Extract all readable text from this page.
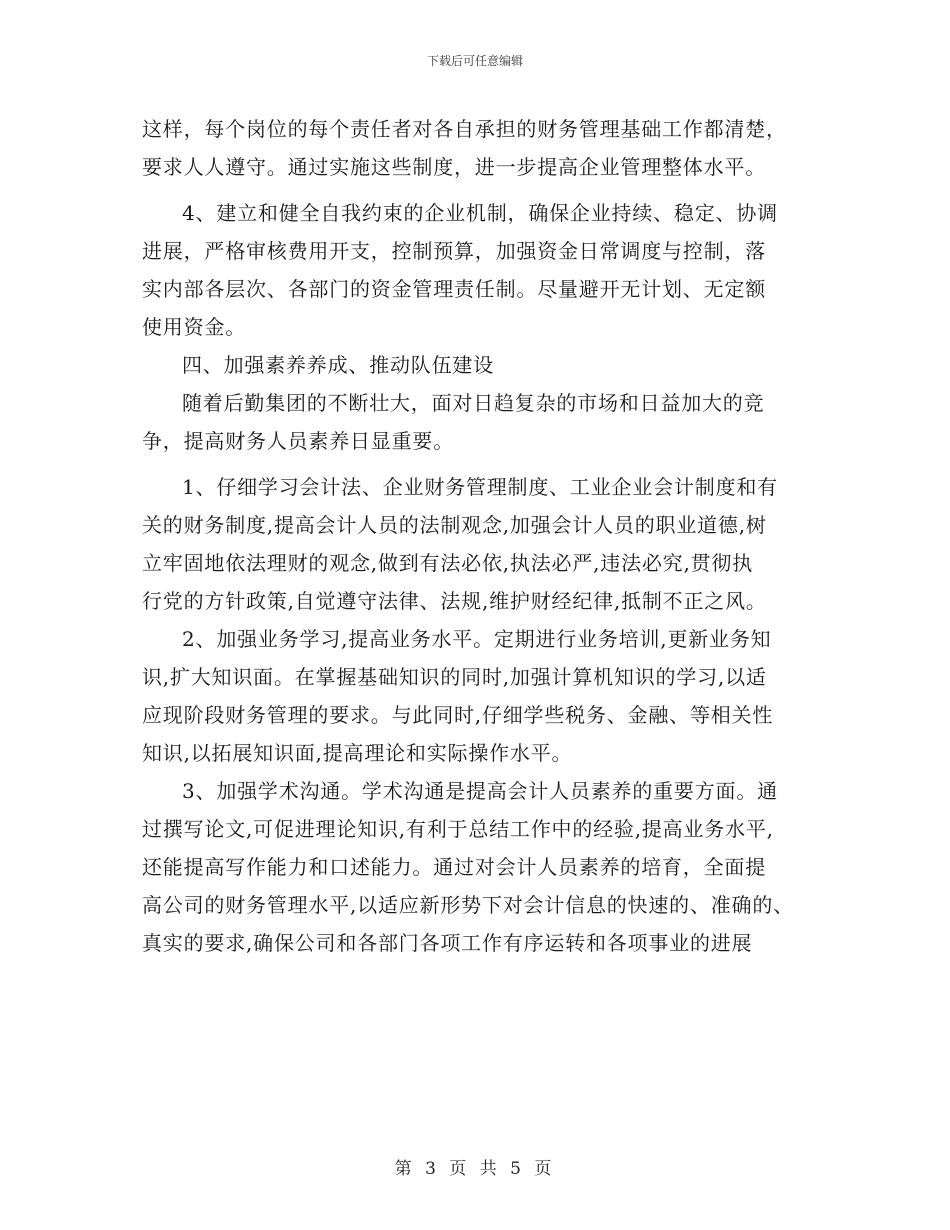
下载后可任意编辑
这样，每个岗位的每个责任者对各自承担的财务管理基础工作都清楚，
要求人人遵守。通过实施这些制度，进一步提高企业管理整体水平。
4、建立和健全自我约束的企业机制，确保企业持续、稳定、协调
进展，严格审核费用开支，控制预算，加强资金日常调度与控制，落
实内部各层次、各部门的资金管理责任制。尽量避开无计划、无定额
使用资金。
四、加强素养养成、推动队伍建设
随着后勤集团的不断壮大，面对日趋复杂的市场和日益加大的竞
争，提高财务人员素养日显重要。
1、仔细学习会计法、企业财务管理制度、工业企业会计制度和有
关的财务制度,提高会计人员的法制观念,加强会计人员的职业道德,树
立牢固地依法理财的观念,做到有法必依,执法必严,违法必究,贯彻执
行党的方针政策,自觉遵守法律、法规,维护财经纪律,抵制不正之风。
2、加强业务学习,提高业务水平。定期进行业务培训,更新业务知
识,扩大知识面。在掌握基础知识的同时,加强计算机知识的学习,以适
应现阶段财务管理的要求。与此同时,仔细学些税务、金融、等相关性
知识,以拓展知识面,提高理论和实际操作水平。
3、加强学术沟通。学术沟通是提高会计人员素养的重要方面。通
过撰写论文,可促进理论知识,有利于总结工作中的经验,提高业务水平,
还能提高写作能力和口述能力。通过对会计人员素养的培育，全面提
高公司的财务管理水平,以适应新形势下对会计信息的快速的、准确的、
真实的要求,确保公司和各部门各项工作有序运转和各项事业的进展
第 3 页 共 5 页
